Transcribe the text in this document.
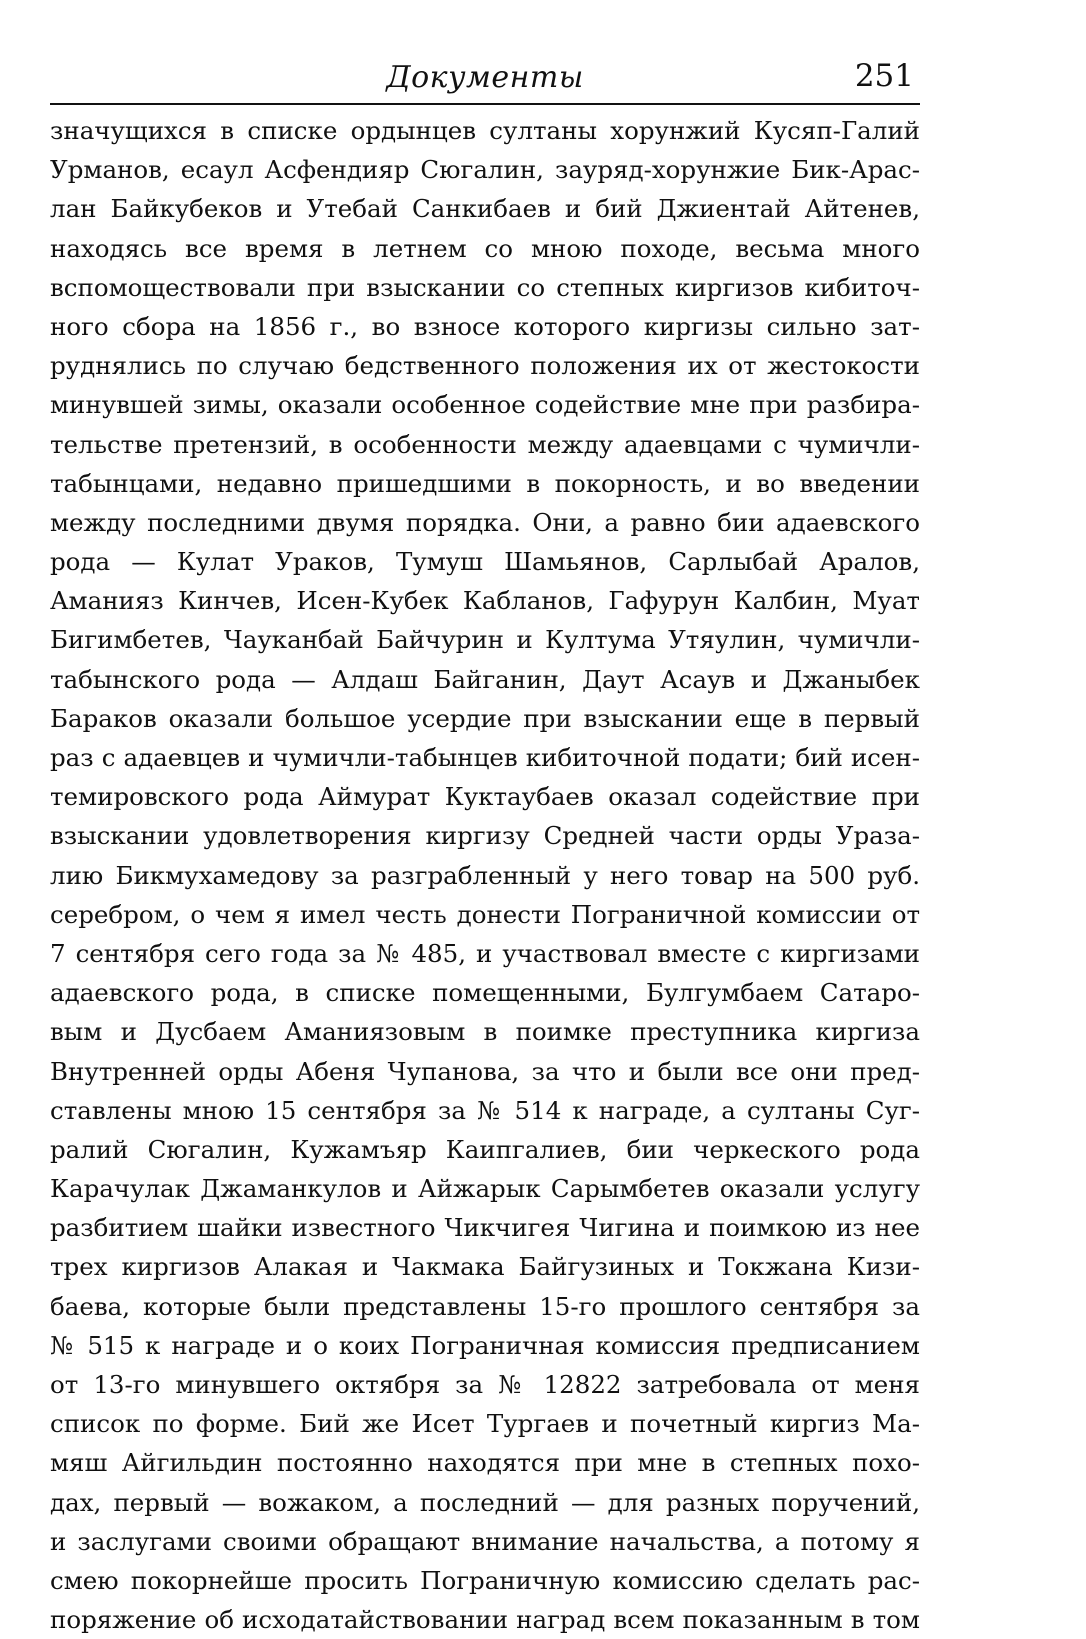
Документы	251
значущихся в списке ордынцев султаны хорунжий Кусяп-Галий
Урманов, есаул Асфендияр Сюгалин, зауряд-хорунжие Бик-Арас-
лан Байкубеков и Утебай Санкибаев и бий Джиентай Айтенев,
находясь все время в летнем со мною походе, весьма много
вспомоществовали при взыскании со степных киргизов кибиточ-
ного сбора на 1856 г., во взносе которого киргизы сильно зат-
руднялись по случаю бедственного положения их от жестокости
минувшей зимы, оказали особенное содействие мне при разбира-
тельстве претензий, в особенности между адаевцами с чумичли-
табынцами, недавно пришедшими в покорность, и во введении
между последними двумя порядка. Они, а равно бии адаевского
рода — Кулат Ураков, Тумуш Шамьянов, Сарлыбай Аралов,
Аманияз Кинчев, Исен-Кубек Кабланов, Гафурун Калбин, Муат
Бигимбетев, Чауканбай Байчурин и Култума Утяулин, чумичли-
табынского рода — Алдаш Байганин, Даут Асаув и Джаныбек
Бараков оказали большое усердие при взыскании еще в первый
раз с адаевцев и чумичли-табынцев кибиточной подати; бий исен-
темировского рода Аймурат Куктаубаев оказал содействие при
взыскании удовлетворения киргизу Средней части орды Ураза-
лию Бикмухамедову за разграбленный у него товар на 500 руб.
серебром, о чем я имел честь донести Пограничной комиссии от
7 сентября сего года за № 485, и участвовал вместе с киргизами
адаевского рода, в списке помещенными, Булгумбаем Сатаро-
вым и Дусбаем Аманиязовым в поимке преступника киргиза
Внутренней орды Абеня Чупанова, за что и были все они пред-
ставлены мною 15 сентября за № 514 к награде, а султаны Суг-
ралий Сюгалин, Кужамъяр Каипгалиев, бии черкеского рода
Карачулак Джаманкулов и Айжарык Сарымбетев оказали услугу
разбитием шайки известного Чикчигея Чигина и поимкою из нее
трех киргизов Алакая и Чакмака Байгузиных и Токжана Кизи-
баева, которые были представлены 15-го прошлого сентября за
№ 515 к награде и о коих Пограничная комиссия предписанием
от 13-го минувшего октября за № 12822 затребовала от меня
список по форме. Бий же Исет Тургаев и почетный киргиз Ма-
мяш Айгильдин постоянно находятся при мне в степных похо-
дах, первый — вожаком, а последний — для разных поручений,
и заслугами своими обращают внимание начальства, а потому я
смею покорнейше просить Пограничную комиссию сделать рас-
поряжение об исходатайствовании наград всем показанным в том
